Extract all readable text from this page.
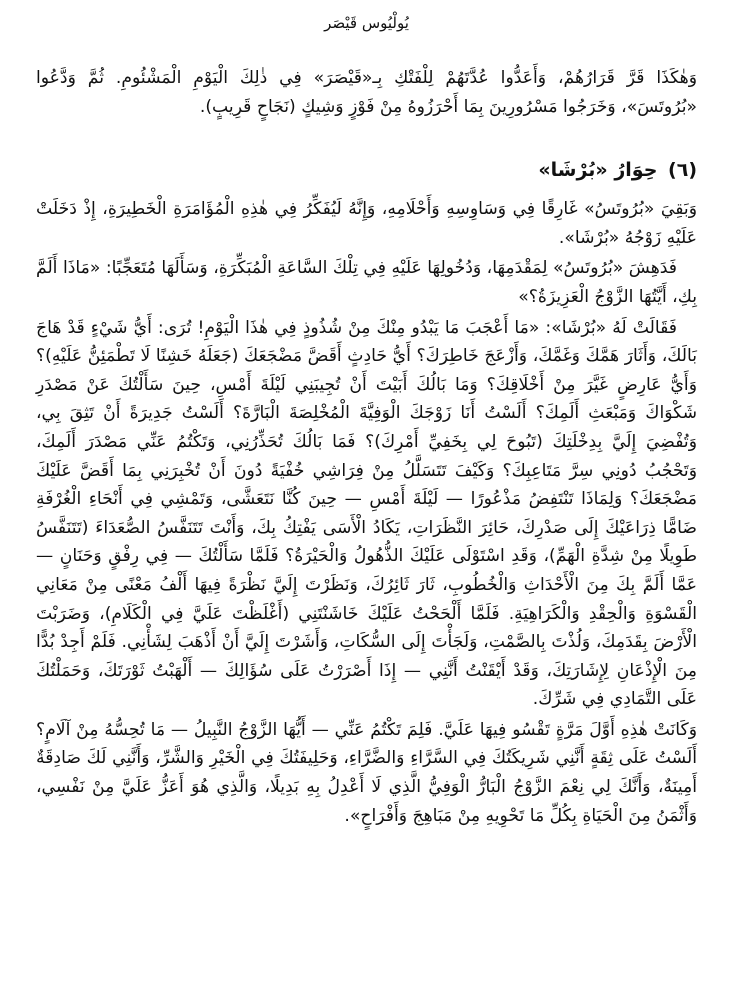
يُولْيُوس قَيْصَر

وَهٰكَذَا قَرَّ قَرَارُهُمْ، وَأَعَدُّوا عُدَّتَهُمْ لِلْفَتْكِ بِـ«قَيْصَرَ» فِي ذٰلِكَ الْيَوْمِ الْمَشْئُومِ. ثُمَّ وَدَّعُوا «بُرُوتَسَ»، وَخَرَجُوا مَسْرُورِينَ بِمَا أَحْرَزُوهُ مِنْ فَوْزٍ وَشِيكٍ (نَجَاحٍ قَرِيبٍ).

(٦) حِوَارُ «بُرْشَا»

وَبَقِيَ «بُرُوتَسُ» غَارِقًا فِي وَسَاوِسِهِ وَأَحْلَامِهِ، وَإِنَّهُ لَيُفَكِّرُ فِي هٰذِهِ الْمُؤَامَرَةِ الْخَطِيرَةِ، إِذْ دَخَلَتْ عَلَيْهِ زَوْجُهُ «بُرْشَا».

فَدَهِشَ «بُرُوتَسُ» لِمَقْدَمِهَا، وَدُخُولِهَا عَلَيْهِ فِي تِلْكَ السَّاعَةِ الْمُبَكِّرَةِ، وَسَأَلَهَا مُتَعَجِّبًا: «مَاذَا أَلَمَّ بِكِ، أَيَّتُهَا الزَّوْجُ الْعَزِيزَةُ؟»

فَقَالَتْ لَهُ «بُرْشَا»: «مَا أَعْجَبَ مَا يَبْدُو مِنْكَ مِنْ شُذُوذٍ فِي هٰذَا الْيَوْمِ! تُرَى: أَيُّ شَيْءٍ قَدْ هَاجَ بَالَكَ، وَأَثَارَ هَمَّكَ وَغَمَّكَ، وَأَزْعَجَ خَاطِرَكَ؟ أَيُّ حَادِثٍ أَقَضَّ مَضْجَعَكَ (جَعَلَهُ خَشِنًا لَا تَطْمَئِنُّ عَلَيْهِ)؟ وَأَيُّ عَارِضٍ غَيَّرَ مِنْ أَخْلَاقِكَ؟ وَمَا بَالُكَ أَبَيْتَ أَنْ تُجِيبَنِي لَيْلَةَ أَمْسِ، حِينَ سَأَلْتُكَ عَنْ مَصْدَرِ شَكْوَاكَ وَمَبْعَثِ أَلَمِكَ؟ أَلَسْتُ أَنَا زَوْجَكَ الْوَفِيَّةَ الْمُخْلِصَةَ الْبَارَّةَ؟ أَلَسْتُ جَدِيرَةً أَنْ تَثِقَ بِي، وَتُفْضِيَ إِلَيَّ بِدِخْلَتِكَ (تَبُوحَ لِي بِخَفِيِّ أَمْرِكَ)؟ فَمَا بَالُكَ تُحَذِّرُنِي، وَتَكْتُمُ عَنِّي مَصْدَرَ أَلَمِكَ، وَتَحْجُبُ دُونِي سِرَّ مَتَاعِبِكَ؟ وَكَيْفَ تَتَسَلَّلُ مِنْ فِرَاشِي خُفْيَةً دُونَ أَنْ تُخْبِرَنِي بِمَا أَقَضَّ عَلَيْكَ مَضْجَعَكَ؟ وَلِمَاذَا تَنْتَفِضُ مَذْعُورًا — لَيْلَةَ أَمْسِ — حِينَ كُنَّا نَتَعَشَّى، وَتَمْشِي فِي أَنْحَاءِ الْغُرْفَةِ ضَامًّا ذِرَاعَيْكَ إِلَى صَدْرِكَ، حَائِرَ النَّظَرَاتِ، يَكَادُ الْأَسَى يَفْتِكُ بِكَ، وَأَنْتَ تَتَنَفَّسُ الصُّعَدَاءَ (تَتَنَفَّسُ طَوِيلًا مِنْ شِدَّةِ الْهَمِّ)، وَقَدِ اسْتَوْلَى عَلَيْكَ الذُّهُولُ وَالْحَيْرَةُ؟ فَلَمَّا سَأَلْتُكَ — فِي رِفْقٍ وَحَنَانٍ — عَمَّا أَلَمَّ بِكَ مِنَ الْأَحْدَاثِ وَالْخُطُوبِ، ثَارَ ثَائِرُكَ، وَنَظَرْتَ إِلَيَّ نَظْرَةً فِيهَا أَلْفُ مَعْنًى مِنْ مَعَانِي الْقَسْوَةِ وَالْحِقْدِ وَالْكَرَاهِيَةِ. فَلَمَّا أَلْحَحْتُ عَلَيْكَ خَاشَنْتَنِي (أَغْلَظْتَ عَلَيَّ فِي الْكَلَامِ)، وَضَرَبْتَ الْأَرْضَ بِقَدَمِكَ، وَلُذْتَ بِالصَّمْتِ، وَلَجَأْتَ إِلَى السُّكَاتِ، وَأَشَرْتَ إِلَيَّ أَنْ أَذْهَبَ لِشَأْنِي. فَلَمْ أَجِدْ بُدًّا مِنَ الْإِذْعَانِ لِإِشَارَتِكَ، وَقَدْ أَيْقَنْتُ أَنَّنِي — إِذَا أَصْرَرْتُ عَلَى سُؤَالِكَ — أَلْهَبْتُ ثَوْرَتَكَ، وَحَمَلْتُكَ عَلَى التَّمَادِي فِي شَرِّكَ.

وَكَانَتْ هٰذِهِ أَوَّلَ مَرَّةٍ تَقْسُو فِيهَا عَلَيَّ. فَلِمَ تَكْتُمُ عَنِّي — أَيُّهَا الزَّوْجُ النَّبِيلُ — مَا تُحِسُّهُ مِنْ آلَامٍ؟ أَلَسْتُ عَلَى ثِقَةٍ أَنَّنِي شَرِيكَتُكَ فِي السَّرَّاءِ وَالضَّرَّاءِ، وَحَلِيفَتُكَ فِي الْخَيْرِ وَالشَّرِّ، وَأَنَّنِي لَكَ صَادِقَةٌ أَمِينَةٌ، وَأَنَّكَ لِي نِعْمَ الزَّوْجُ الْبَارُّ الْوَفِيُّ الَّذِي لَا أَعْدِلُ بِهِ بَدِيلًا، وَالَّذِي هُوَ أَعَزُّ عَلَيَّ مِنْ نَفْسِي، وَأَثْمَنُ مِنَ الْحَيَاةِ بِكُلِّ مَا تَحْوِيهِ مِنْ مَبَاهِجَ وَأَفْرَاحٍ».
